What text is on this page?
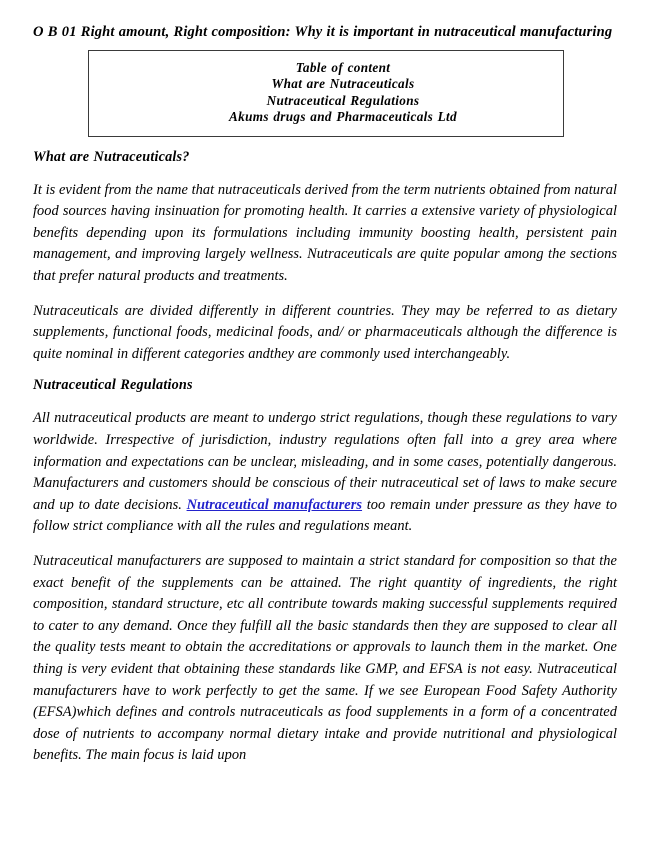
O B 01 Right amount, Right composition: Why it is important in nutraceutical manufacturing
Table of content
What are Nutraceuticals
Nutraceutical Regulations
Akums drugs and Pharmaceuticals Ltd
What are Nutraceuticals?

It is evident from the name that nutraceuticals derived from the term nutrients obtained from natural food sources having insinuation for promoting health. It carries a extensive variety of physiological benefits depending upon its formulations including immunity boosting health, persistent pain management, and improving largely wellness. Nutraceuticals are quite popular among the sections that prefer natural products and treatments.

Nutraceuticals are divided differently in different countries. They may be referred to as dietary supplements, functional foods, medicinal foods, and/ or pharmaceuticals although the difference is quite nominal in different categories andthey are commonly used interchangeably.

Nutraceutical Regulations

All nutraceutical products are meant to undergo strict regulations, though these regulations to vary worldwide. Irrespective of jurisdiction, industry regulations often fall into a grey area where information and expectations can be unclear, misleading, and in some cases, potentially dangerous. Manufacturers and customers should be conscious of their nutraceutical set of laws to make secure and up to date decisions. Nutraceutical manufacturers too remain under pressure as they have to follow strict compliance with all the rules and regulations meant.

Nutraceutical manufacturers are supposed to maintain a strict standard for composition so that the exact benefit of the supplements can be attained. The right quantity of ingredients, the right composition, standard structure, etc all contribute towards making successful supplements required to cater to any demand. Once they fulfill all the basic standards then they are supposed to clear all the quality tests meant to obtain the accreditations or approvals to launch them in the market. One thing is very evident that obtaining these standards like GMP, and EFSA is not easy. Nutraceutical manufacturers have to work perfectly to get the same. If we see European Food Safety Authority (EFSA)which defines and controls nutraceuticals as food supplements in a form of a concentrated dose of nutrients to accompany normal dietary intake and provide nutritional and physiological benefits. The main focus is laid upon
